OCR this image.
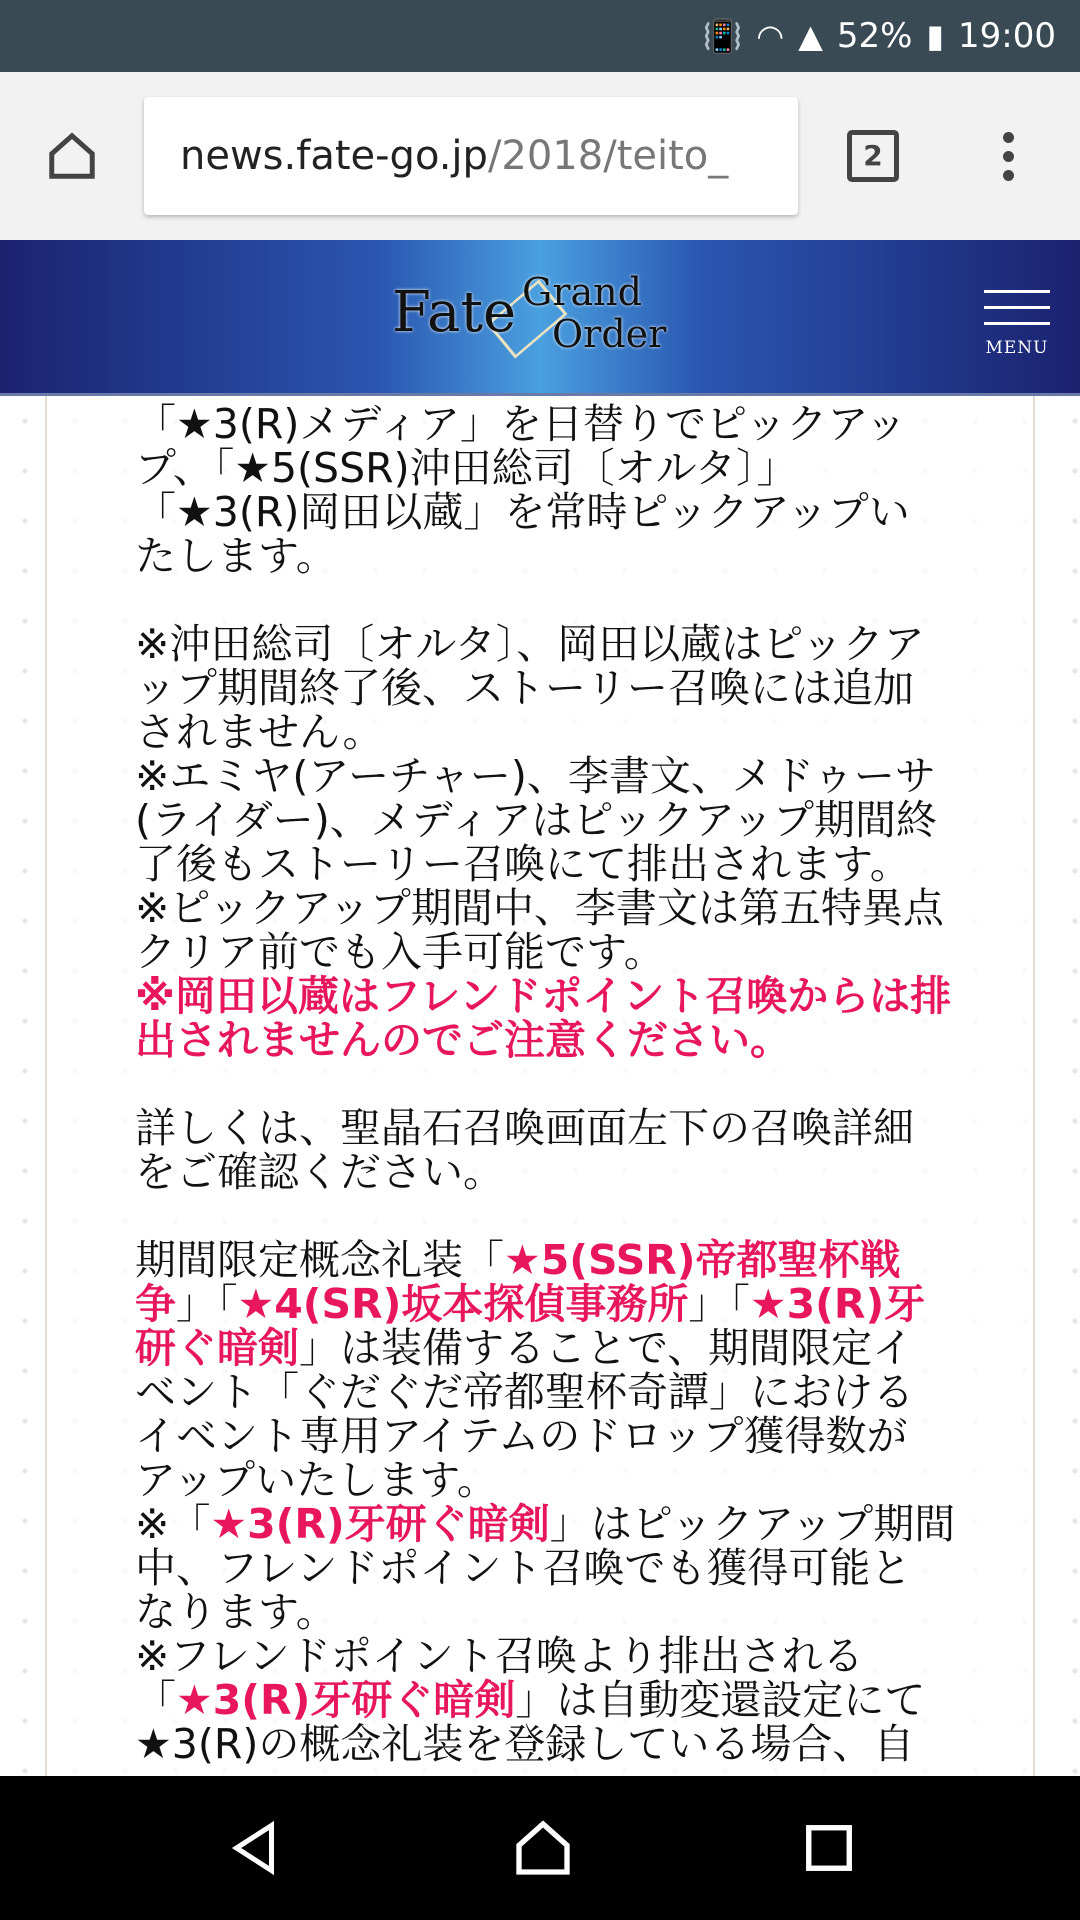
📳 ◠ ▲ 52% ▮ 19:00
news.fate-go.jp /2018/teito_	2
「★3(R)メディア」を日替りでピックアッ
プ、「★5(SSR)沖田総司〔オルタ〕」
「★3(R)岡田以蔵」を常時ピックアップい
たします。
※沖田総司〔オルタ〕、岡田以蔵はピックア
ップ期間終了後、ストーリー召喚には追加
されません。
※エミヤ(アーチャー)、李書文、メドゥーサ
(ライダー)、メディアはピックアップ期間終
了後もストーリー召喚にて排出されます。
※ピックアップ期間中、李書文は第五特異点
クリア前でも入手可能です。
※岡田以蔵はフレンドポイント召喚からは排
出されませんのでご注意ください。
詳しくは、聖晶石召喚画面左下の召喚詳細
をご確認ください。
期間限定概念礼装「★5(SSR)帝都聖杯戦
争」「★4(SR)坂本探偵事務所」「★3(R)牙
研ぐ暗剣」は装備することで、期間限定イ
ベント「ぐだぐだ帝都聖杯奇譚」における
イベント専用アイテムのドロップ獲得数が
アップいたします。
※「★3(R)牙研ぐ暗剣」はピックアップ期間
中、フレンドポイント召喚でも獲得可能と
なります。
※フレンドポイント召喚より排出される
「★3(R)牙研ぐ暗剣」は自動変還設定にて
★3(R)の概念礼装を登録している場合、自
Fate Grand
Order	MENU
